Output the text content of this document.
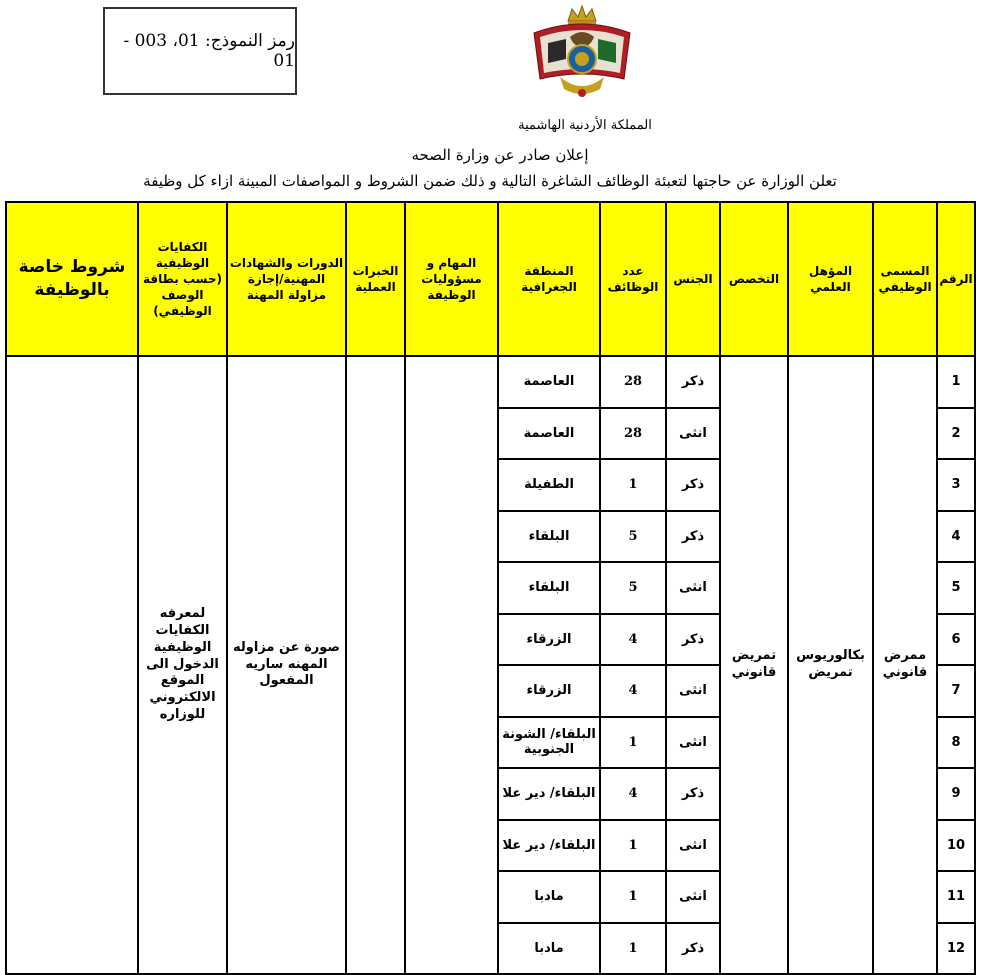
رمز النموذج: 01، 003 - 01
المملكة الأردنية الهاشمية
إعلان صادر عن وزارة الصحه
تعلن الوزارة عن حاجتها لتعبئة الوظائف الشاغرة التالية و ذلك ضمن الشروط و المواصفات المبينة ازاء كل وظيفة
الرقم	المسمى الوظيفي	المؤهل العلمي	التخصص	الجنس	عدد الوظائف	المنطقة الجغرافية	المهام و مسؤوليات الوظيفة	الخبرات العملية	الدورات والشهادات المهنية/إجازة مزاولة المهنة	الكفايات الوظيفية (حسب بطاقة الوصف الوظيفي)	شروط خاصة بالوظيفة
1	ممرض قانوني	بكالوريوس تمريض	تمريض قانوني	ذكر	28	العاصمة			صورة عن مزاوله المهنه ساريه المفعول	لمعرفه الكفايات الوظيفية الدخول الى الموقع الالكتروني للوزاره	
2				انثى	28	العاصمة					
3				ذكر	1	الطفيلة					
4				ذكر	5	البلقاء					
5				انثى	5	البلقاء					
6				ذكر	4	الزرقاء					
7				انثى	4	الزرقاء					
8				انثى	1	البلقاء/ الشونة الجنوبية					
9				ذكر	4	البلقاء/ دير علا					
10				انثى	1	البلقاء/ دير علا					
11				انثى	1	مادبا					
12				ذكر	1	مادبا					
